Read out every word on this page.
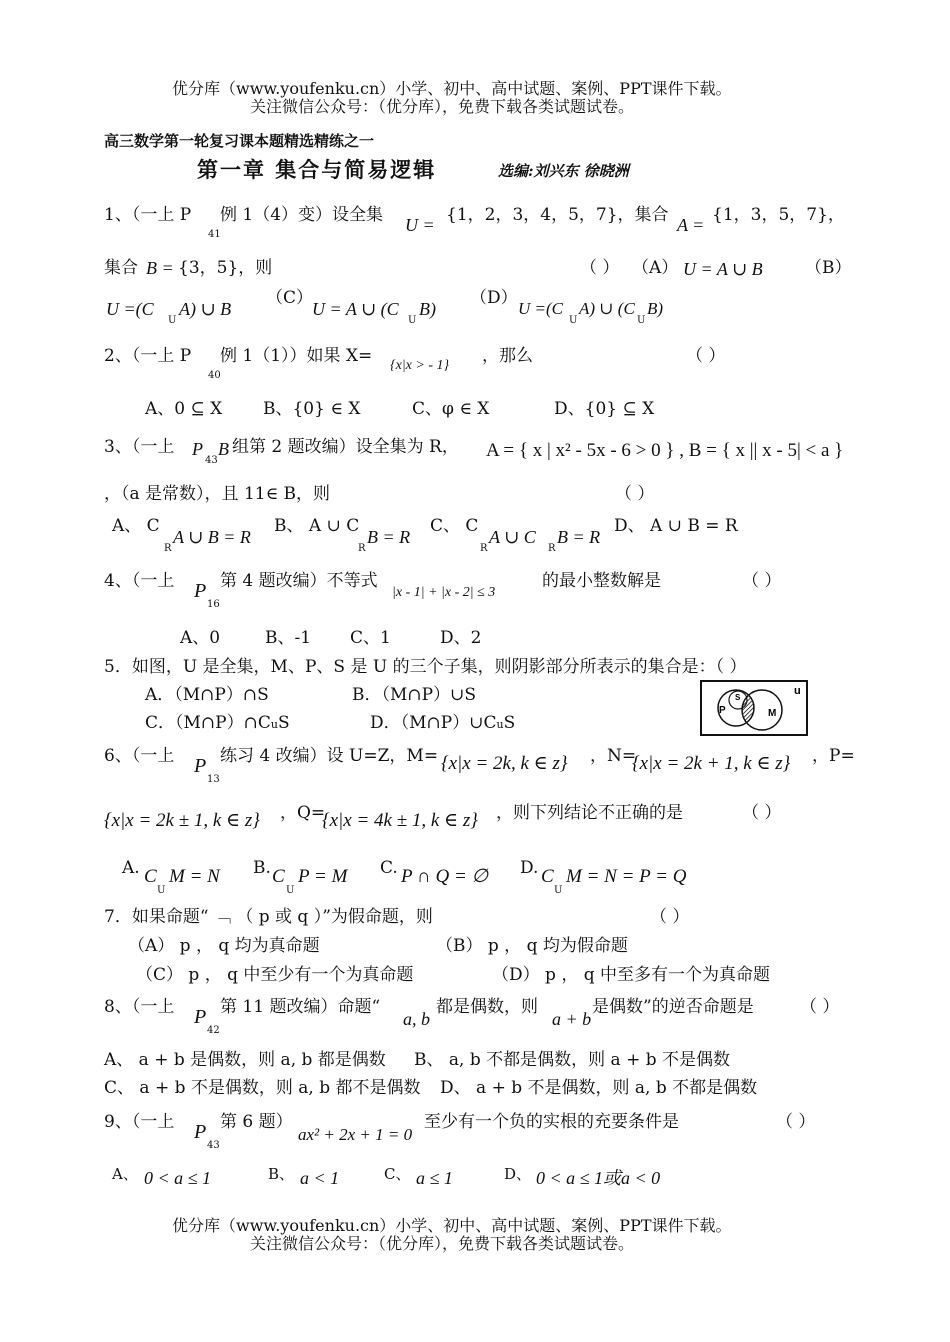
优分库（www.youfenku.cn）小学、初中、高中试题、案例、PPT课件下载。
关注微信公众号：（优分库），免费下载各类试题试卷。
高三数学第一轮复习课本题精选精练之一
第一章 集合与简易逻辑	选编:刘兴东 徐晓洲
1、（一上 P
41
例 1（4）变）设全集 U = {1，2，3，4，5，7}，集合 A = {1，3，5，7}，
集合 B = {3，5}，则	（ ） （A） U = A ∪ B （B）
U =(C
U
A) ∪ B
（C）
U = A ∪ (C
U
B)
（D）
U =(C
U
A) ∪ (C
U
B)
2、（一上 P
40
例 1（1））如果 X= {x|x > - 1} ，那么	（ ）
A、0 ⊆ X B、{0} ∈ X	C、φ ∈ X	D、{0} ⊆ X
3、（一上 P
43
B 组第 2 题改编）设全集为 R， A = { x | x² - 5x - 6 > 0 } , B = { x || x - 5| < a }
，（a 是常数），且 11∈ B，则	（ ）
A、 C
R
A ∪ B = R
B、 A ∪ C
R
B = R
C、 C
R
A ∪ C
R
B = R
D、 A ∪ B = R
4、（一上 P
16
第 4 题改编）不等式
|x - 1| + |x - 2| ≤ 3
的最小整数解是	（ ）
A、0	B、-1 C、1	D、2
5．如图，U 是全集，M、P、S 是 U 的三个子集，则阴影部分所表示的集合是：（ ）
A．（M∩P）∩S	B．（M∩P）∪S
C．（M∩P）∩CuS	D．（M∩P）∪CuS
u
P
S
M
6、（一上 P
13
练习 4 改编）设 U=Z，M= {x|x = 2k, k ∈ z} ，N=
{x|x = 2k + 1, k ∈ z} ，P=
{x|x = 2k ± 1, k ∈ z} ，Q=
{x|x = 4k ± 1, k ∈ z} ，则下列结论不正确的是	（ ）
A. C
U
M = N B. C
U
P = M C. P ∩ Q = ∅ D. C
U
M = N = P = Q
7．如果命题“ ﹁ （ p 或 q ）”为假命题，则	（ ）
（A） p ， q 均为真命题	（B） p ， q 均为假命题
（C） p ， q 中至少有一个为真命题	（D） p ， q 中至多有一个为真命题
8、（一上 P
42
第 11 题改编）命题“
a, b
都是偶数，则
a + b
是偶数”的逆否命题是	（ ）
A、 a + b 是偶数，则 a, b 都是偶数 B、 a, b 不都是偶数，则 a + b 不是偶数
C、 a + b 不是偶数，则 a, b 都不是偶数 D、 a + b 不是偶数，则 a, b 不都是偶数
9、（一上 P
43
第 6 题）
ax² + 2x + 1 = 0
至少有一个负的实根的充要条件是	（ ）
A、 0 < a ≤ 1	B、 a < 1	C、 a ≤ 1	D、 0 < a ≤ 1或a < 0
优分库（www.youfenku.cn）小学、初中、高中试题、案例、PPT课件下载。
关注微信公众号：（优分库），免费下载各类试题试卷。
